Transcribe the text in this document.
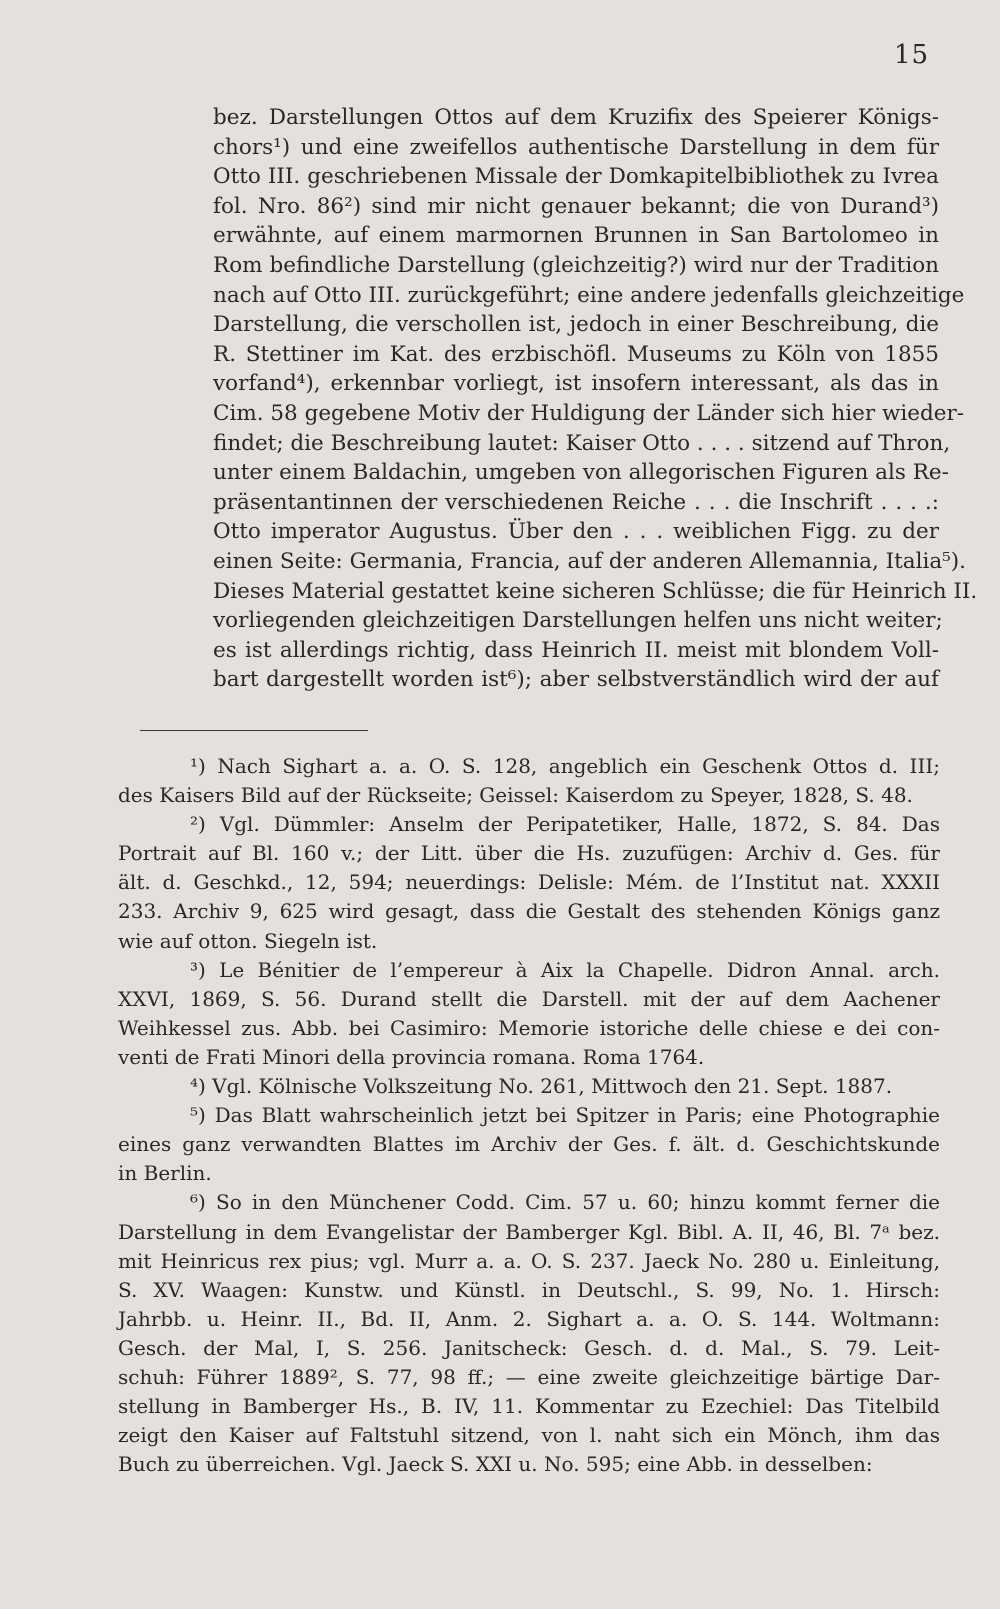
15
bez. Darstellungen Ottos auf dem Kruzifix des Speierer Königs-
chors¹) und eine zweifellos authentische Darstellung in dem für
Otto III. geschriebenen Missale der Domkapitelbibliothek zu Ivrea
fol. Nro. 86²) sind mir nicht genauer bekannt; die von Durand³)
erwähnte, auf einem marmornen Brunnen in San Bartolomeo in
Rom befindliche Darstellung (gleichzeitig?) wird nur der Tradition
nach auf Otto III. zurückgeführt; eine andere jedenfalls gleichzeitige
Darstellung, die verschollen ist, jedoch in einer Beschreibung, die
R. Stettiner im Kat. des erzbischöfl. Museums zu Köln von 1855
vorfand⁴), erkennbar vorliegt, ist insofern interessant, als das in
Cim. 58 gegebene Motiv der Huldigung der Länder sich hier wieder-
findet; die Beschreibung lautet: Kaiser Otto . . . . sitzend auf Thron,
unter einem Baldachin, umgeben von allegorischen Figuren als Re-
präsentantinnen der verschiedenen Reiche . . . die Inschrift . . . .:
Otto imperator Augustus. Über den . . . weiblichen Figg. zu der
einen Seite: Germania, Francia, auf der anderen Allemannia, Italia⁵).
Dieses Material gestattet keine sicheren Schlüsse; die für Heinrich II.
vorliegenden gleichzeitigen Darstellungen helfen uns nicht weiter;
es ist allerdings richtig, dass Heinrich II. meist mit blondem Voll-
bart dargestellt worden ist⁶); aber selbstverständlich wird der auf
¹) Nach Sighart a. a. O. S. 128, angeblich ein Geschenk Ottos d. III;
des Kaisers Bild auf der Rückseite; Geissel: Kaiserdom zu Speyer, 1828, S. 48.
²) Vgl. Dümmler: Anselm der Peripatetiker, Halle, 1872, S. 84. Das
Portrait auf Bl. 160 v.; der Litt. über die Hs. zuzufügen: Archiv d. Ges. für
ält. d. Geschkd., 12, 594; neuerdings: Delisle: Mém. de l’Institut nat. XXXII
233. Archiv 9, 625 wird gesagt, dass die Gestalt des stehenden Königs ganz
wie auf otton. Siegeln ist.
³) Le Bénitier de l’empereur à Aix la Chapelle. Didron Annal. arch.
XXVI, 1869, S. 56. Durand stellt die Darstell. mit der auf dem Aachener
Weihkessel zus. Abb. bei Casimiro: Memorie istoriche delle chiese e dei con-
venti de Frati Minori della provincia romana. Roma 1764.
⁴) Vgl. Kölnische Volkszeitung No. 261, Mittwoch den 21. Sept. 1887.
⁵) Das Blatt wahrscheinlich jetzt bei Spitzer in Paris; eine Photographie
eines ganz verwandten Blattes im Archiv der Ges. f. ält. d. Geschichtskunde
in Berlin.
⁶) So in den Münchener Codd. Cim. 57 u. 60; hinzu kommt ferner die
Darstellung in dem Evangelistar der Bamberger Kgl. Bibl. A. II, 46, Bl. 7ᵃ bez.
mit Heinricus rex pius; vgl. Murr a. a. O. S. 237. Jaeck No. 280 u. Einleitung,
S. XV. Waagen: Kunstw. und Künstl. in Deutschl., S. 99, No. 1. Hirsch:
Jahrbb. u. Heinr. II., Bd. II, Anm. 2. Sighart a. a. O. S. 144. Woltmann:
Gesch. der Mal, I, S. 256. Janitscheck: Gesch. d. d. Mal., S. 79. Leit-
schuh: Führer 1889², S. 77, 98 ff.; — eine zweite gleichzeitige bärtige Dar-
stellung in Bamberger Hs., B. IV, 11. Kommentar zu Ezechiel: Das Titelbild
zeigt den Kaiser auf Faltstuhl sitzend, von l. naht sich ein Mönch, ihm das
Buch zu überreichen. Vgl. Jaeck S. XXI u. No. 595; eine Abb. in desselben:
